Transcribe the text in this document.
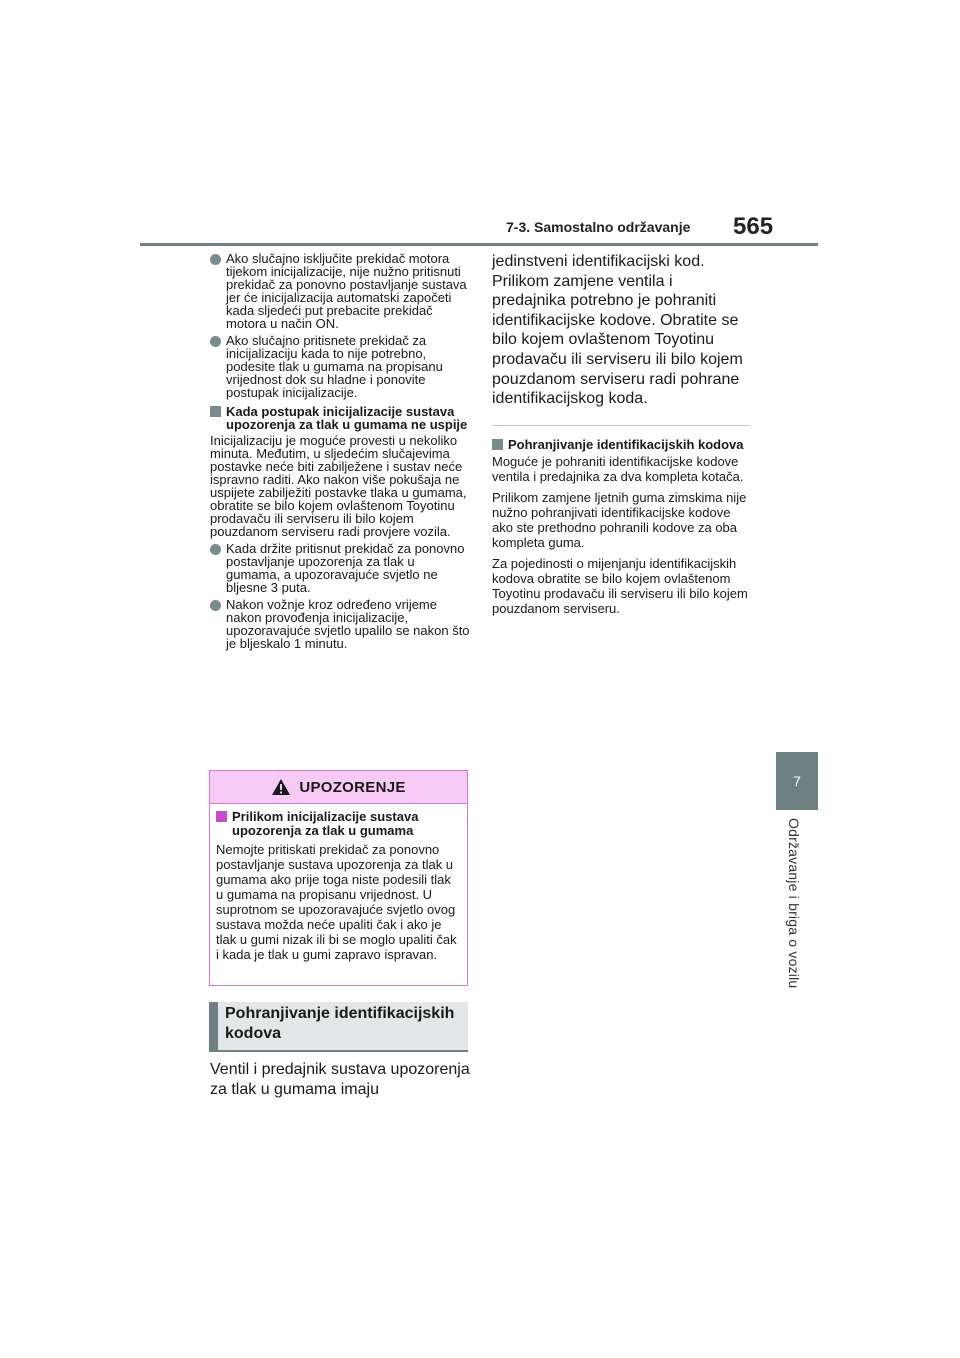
7-3. Samostalno održavanje 565
7
Održavanje i briga o vozilu
Ako slučajno isključite prekidač motora tijekom inicijalizacije, nije nužno pritisnuti prekidač za ponovno postavljanje sustava jer će inicijalizacija automatski započeti kada sljedeći put prebacite prekidač motora u način ON.
Ako slučajno pritisnete prekidač za inicijalizaciju kada to nije potrebno, podesite tlak u gumama na propisanu vrijednost dok su hladne i ponovite postupak inicijalizacije.
Kada postupak inicijalizacije sustava upozorenja za tlak u gumama ne uspije

Inicijalizaciju je moguće provesti u nekoliko minuta. Međutim, u sljedećim slučajevima postavke neće biti zabilježene i sustav neće ispravno raditi. Ako nakon više pokušaja ne uspijete zabilježiti postavke tlaka u gumama, obratite se bilo kojem ovlaštenom Toyotinu prodavaču ili serviseru ili bilo kojem pouzdanom serviseru radi provjere vozila.

Kada držite pritisnut prekidač za ponovno postavljanje upozorenja za tlak u gumama, a upozoravajuće svjetlo ne bljesne 3 puta.
Nakon vožnje kroz određeno vrijeme nakon provođenja inicijalizacije, upozoravajuće svjetlo upalilo se nakon što je bljeskalo 1 minutu.
UPOZORENJE
Prilikom inicijalizacije sustava upozorenja za tlak u gumama

Nemojte pritiskati prekidač za ponovno postavljanje sustava upozorenja za tlak u gumama ako prije toga niste podesili tlak u gumama na propisanu vrijednost. U suprotnom se upozoravajuće svjetlo ovog sustava možda neće upaliti čak i ako je tlak u gumi nizak ili bi se moglo upaliti čak i kada je tlak u gumi zapravo ispravan.

Pohranjivanje identifikacijskih kodova
Ventil i predajnik sustava upozorenja za tlak u gumama imaju
jedinstveni identifikacijski kod. Prilikom zamjene ventila i predajnika potrebno je pohraniti identifikacijske kodove. Obratite se bilo kojem ovlaštenom Toyotinu prodavaču ili serviseru ili bilo kojem pouzdanom serviseru radi pohrane identifikacijskog koda.
Pohranjivanje identifikacijskih kodova

Moguće je pohraniti identifikacijske kodove ventila i predajnika za dva kompleta kotača.

Prilikom zamjene ljetnih guma zimskima nije nužno pohranjivati identifikacijske kodove ako ste prethodno pohranili kodove za oba kompleta guma.

Za pojedinosti o mijenjanju identifikacijskih kodova obratite se bilo kojem ovlaštenom Toyotinu prodavaču ili serviseru ili bilo kojem pouzdanom serviseru.
